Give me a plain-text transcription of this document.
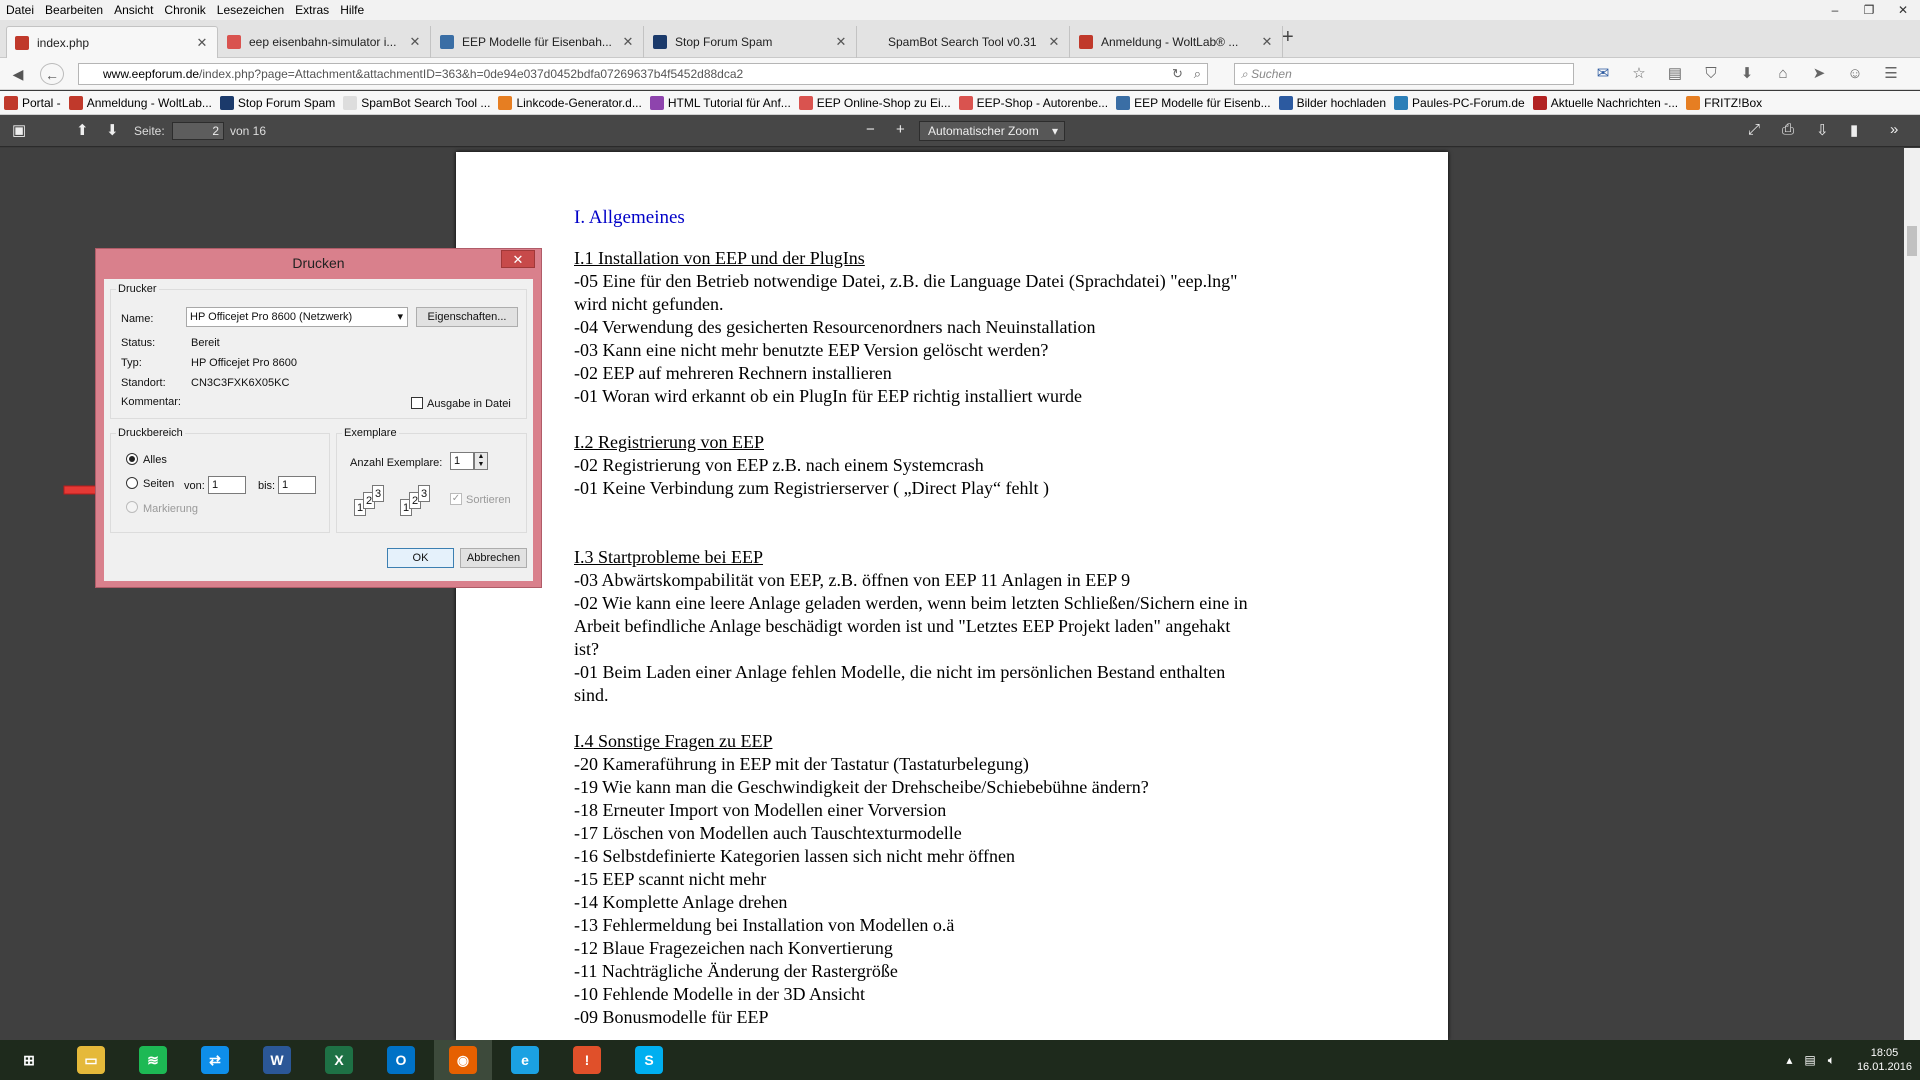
Datei Bearbeiten Ansicht Chronik Lesezeichen Extras Hilfe	–	❐	✕
index.php	✕	eep eisenbahn-simulator i...	✕	EEP Modelle für Eisenbah... ✕	Stop Forum Spam	✕	SpamBot Search Tool v0.31 ✕	Anmeldung - WoltLab® ...	✕ +
◀	←	www.eepforum.de /index.php?page=Attachment&attachmentID=363&h=0de94e037d0452bdfa07269637b4f5452d88dca2	↻   ⌕	⌕ Suchen	✉	☆	▤	⛉	⬇	⌂	➤	☺	☰
Portal - Anmeldung - WoltLab... Stop Forum Spam SpamBot Search Tool ... Linkcode-Generator.d... HTML Tutorial für Anf... EEP Online-Shop zu Ei... EEP-Shop - Autorenbe... EEP Modelle für Eisenb... Bilder hochladen Paules-PC-Forum.de Aktuelle Nachrichten -... FRITZ!Box
▣	⬆ ⬇ Seite:	2 von 16	− +	Automatischer Zoom ▾	⤢ ⎙ ⇩ ▮ »
I. Allgemeines
I.1 Installation von EEP und der PlugIns
-05 Eine für den Betrieb notwendige Datei, z.B. die Language Datei (Sprachdatei) "eep.lng"
wird nicht gefunden.
-04 Verwendung des gesicherten Resourcenordners nach Neuinstallation
-03 Kann eine nicht mehr benutzte EEP Version gelöscht werden?
-02 EEP auf mehreren Rechnern installieren
-01 Woran wird erkannt ob ein PlugIn für EEP richtig installiert wurde
I.2 Registrierung von EEP
-02 Registrierung von EEP z.B. nach einem Systemcrash
-01 Keine Verbindung zum Registrierserver ( „Direct Play“ fehlt )
I.3 Startprobleme bei EEP
-03 Abwärtskompabilität von EEP, z.B. öffnen von EEP 11 Anlagen in EEP 9
-02 Wie kann eine leere Anlage geladen werden, wenn beim letzten Schließen/Sichern eine in
Arbeit befindliche Anlage beschädigt worden ist und "Letztes EEP Projekt laden" angehakt
ist?
-01 Beim Laden einer Anlage fehlen Modelle, die nicht im persönlichen Bestand enthalten
sind.
I.4 Sonstige Fragen zu EEP
-20 Kameraführung in EEP mit der Tastatur (Tastaturbelegung)
-19 Wie kann man die Geschwindigkeit der Drehscheibe/Schiebebühne ändern?
-18 Erneuter Import von Modellen einer Vorversion
-17 Löschen von Modellen auch Tauschtexturmodelle
-16 Selbstdefinierte Kategorien lassen sich nicht mehr öffnen
-15 EEP scannt nicht mehr
-14 Komplette Anlage drehen
-13 Fehlermeldung bei Installation von Modellen o.ä
-12 Blaue Fragezeichen nach Konvertierung
-11 Nachträgliche Änderung der Rastergröße
-10 Fehlende Modelle in der 3D Ansicht
-09 Bonusmodelle für EEP
Drucken	✕
Drucker
Name:	HP Officejet Pro 8600 (Netzwerk)	▾	Eigenschaften...
Status:	Bereit
Typ:	HP Officejet Pro 8600
Standort: CN3C3FXK6X05KC
Kommentar:	Ausgabe in Datei
Druckbereich
Alles
Seiten von: 1	bis: 1
Markierung
Exemplare
Anzahl Exemplare:	1	▲
▼
1
2
3
1
2
3 ✓ Sortieren
OK	Abbrechen
⊞	▭	≋	⇄	W	X	O	◉	e	!	S	▴ ▤ 🔈︎	18:05
16.01.2016
